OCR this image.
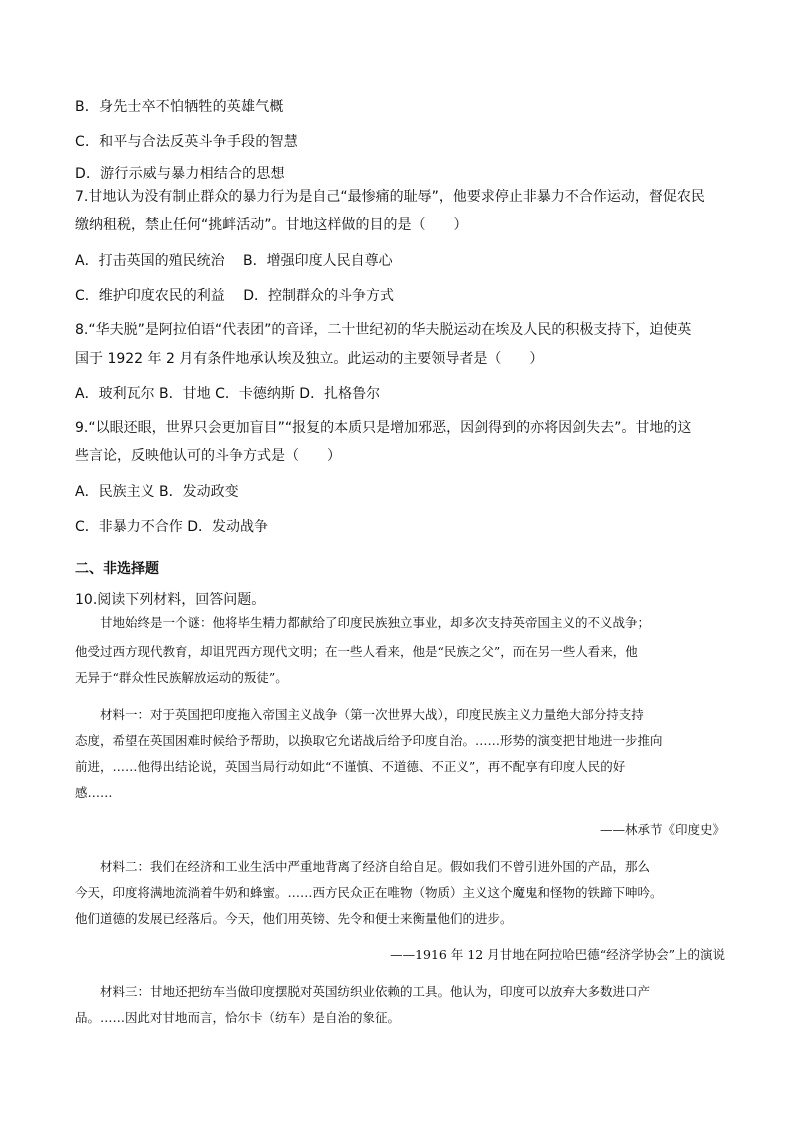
B．身先士卒不怕牺牲的英雄气概
C．和平与合法反英斗争手段的智慧
D．游行示威与暴力相结合的思想
7.甘地认为没有制止群众的暴力行为是自己“最惨痛的耻辱”，他要求停止非暴力不合作运动，督促农民
缴纳租税，禁止任何“挑衅活动”。甘地这样做的目的是（　　）
A．打击英国的殖民统治　 B．增强印度人民自尊心
C．维护印度农民的利益　 D．控制群众的斗争方式
8.“华夫脱”是阿拉伯语“代表团”的音译，二十世纪初的华夫脱运动在埃及人民的积极支持下，迫使英
国于 1922 年 2 月有条件地承认埃及独立。此运动的主要领导者是（　　）
A．玻利瓦尔 B．甘地 C．卡德纳斯 D．扎格鲁尔
9.“以眼还眼，世界只会更加盲目”“报复的本质只是增加邪恶，因剑得到的亦将因剑失去”。甘地的这
些言论，反映他认可的斗争方式是（　　）
A．民族主义 B．发动政变
C．非暴力不合作 D．发动战争
二、非选择题
10.阅读下列材料，回答问题。
　　甘地始终是一个谜：他将毕生精力都献给了印度民族独立事业，却多次支持英帝国主义的不义战争；
他受过西方现代教育，却诅咒西方现代文明；在一些人看来，他是“民族之父”，而在另一些人看来，他
无异于“群众性民族解放运动的叛徒”。
　　材料一：对于英国把印度拖入帝国主义战争（第一次世界大战），印度民族主义力量绝大部分持支持
态度，希望在英国困难时候给予帮助，以换取它允诺战后给予印度自治。……形势的演变把甘地进一步推向
前进，……他得出结论说，英国当局行动如此“不谨慎、不道德、不正义”，再不配享有印度人民的好
感……
——林承节《印度史》
　　材料二：我们在经济和工业生活中严重地背离了经济自给自足。假如我们不曾引进外国的产品，那么
今天，印度将满地流淌着牛奶和蜂蜜。……西方民众正在唯物（物质）主义这个魔鬼和怪物的铁蹄下呻吟。
他们道德的发展已经落后。今天，他们用英镑、先令和便士来衡量他们的进步。
——1916 年 12 月甘地在阿拉哈巴德“经济学协会”上的演说
　　材料三：甘地还把纺车当做印度摆脱对英国纺织业依赖的工具。他认为，印度可以放弃大多数进口产
品。……因此对甘地而言，恰尔卡（纺车）是自治的象征。
